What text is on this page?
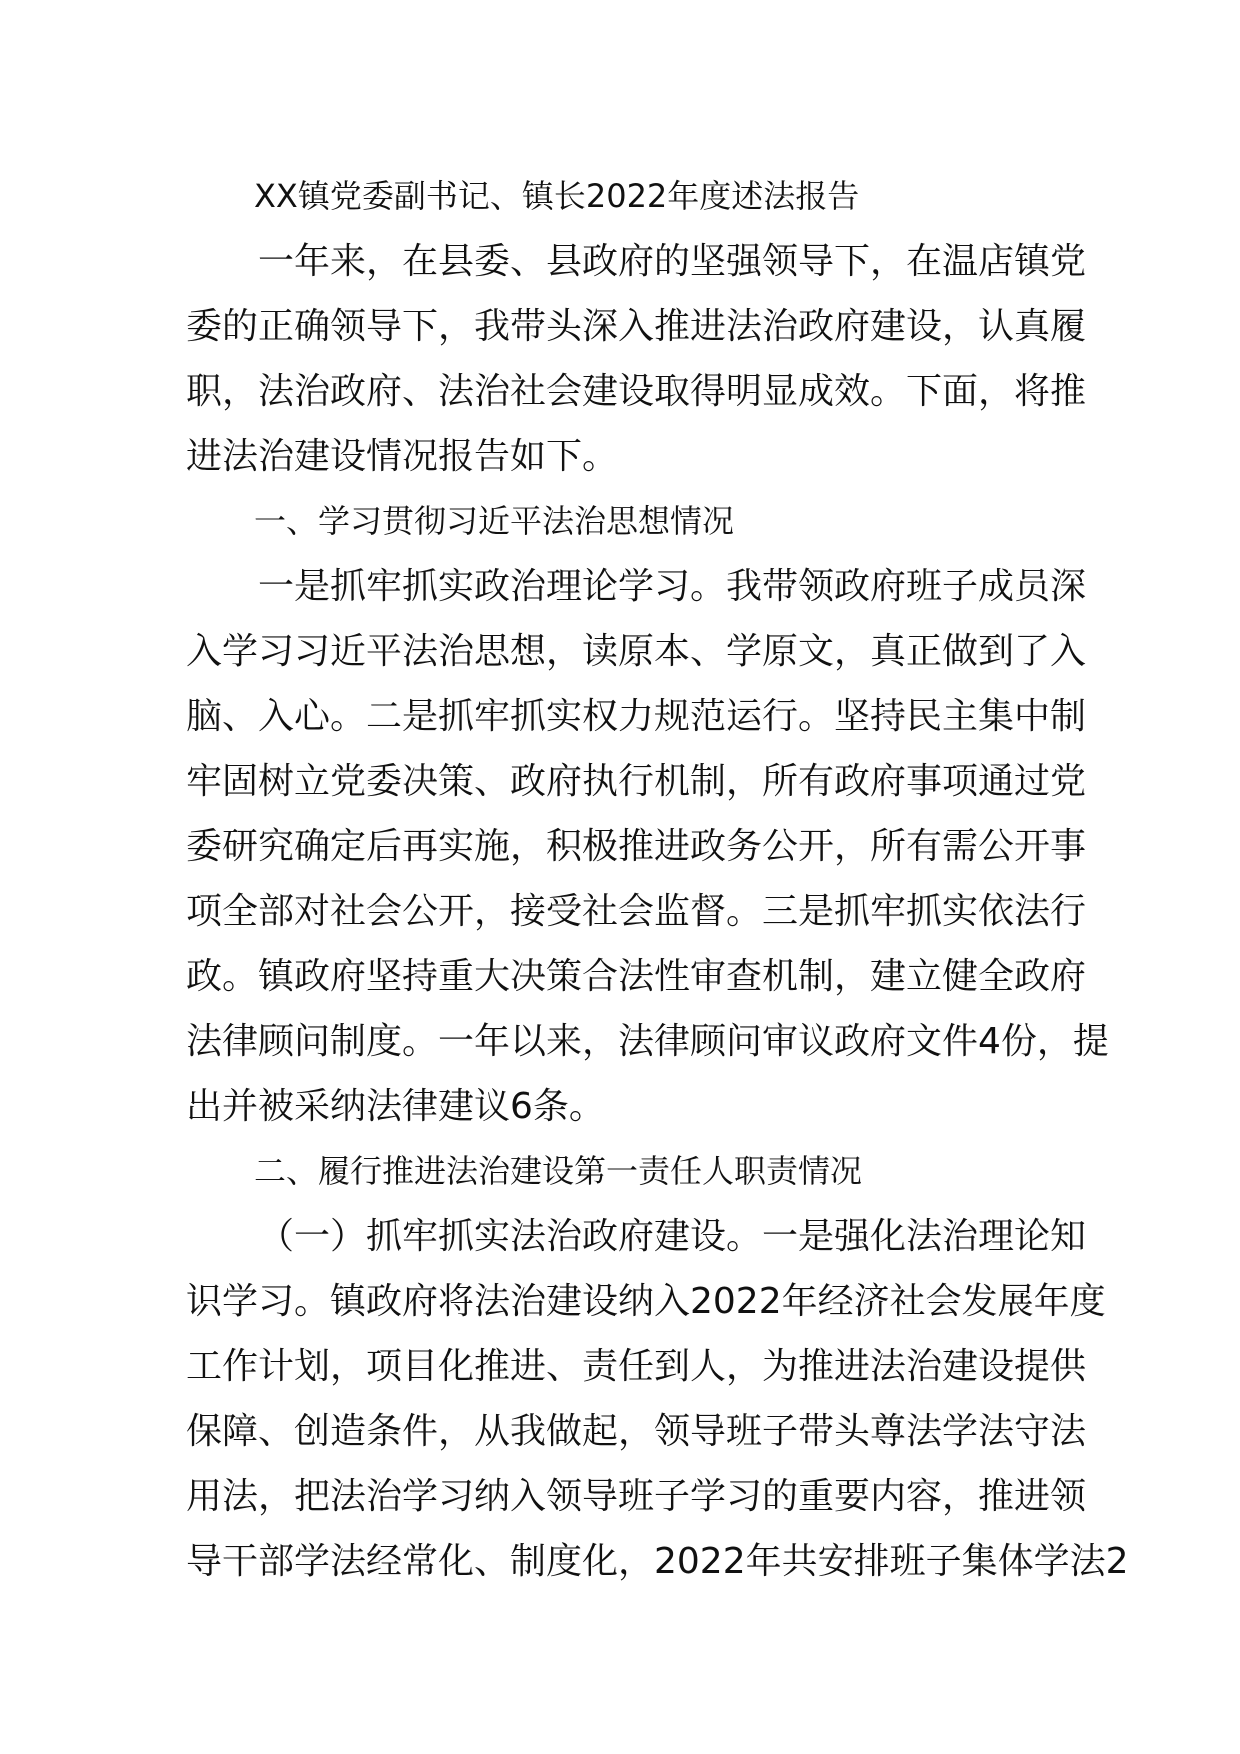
XX镇党委副书记、镇长2022年度述法报告
一年来，在县委、县政府的坚强领导下，在温店镇党
委的正确领导下，我带头深入推进法治政府建设，认真履
职，法治政府、法治社会建设取得明显成效。下面，将推
进法治建设情况报告如下。
一、学习贯彻习近平法治思想情况
一是抓牢抓实政治理论学习。我带领政府班子成员深
入学习习近平法治思想，读原本、学原文，真正做到了入
脑、入心。二是抓牢抓实权力规范运行。坚持民主集中制
牢固树立党委决策、政府执行机制，所有政府事项通过党
委研究确定后再实施，积极推进政务公开，所有需公开事
项全部对社会公开，接受社会监督。三是抓牢抓实依法行
政。镇政府坚持重大决策合法性审查机制，建立健全政府
法律顾问制度。一年以来，法律顾问审议政府文件4份，提
出并被采纳法律建议6条。
二、履行推进法治建设第一责任人职责情况
（一）抓牢抓实法治政府建设。一是强化法治理论知
识学习。镇政府将法治建设纳入2022年经济社会发展年度
工作计划，项目化推进、责任到人，为推进法治建设提供
保障、创造条件，从我做起，领导班子带头尊法学法守法
用法，把法治学习纳入领导班子学习的重要内容，推进领
导干部学法经常化、制度化，2022年共安排班子集体学法2
